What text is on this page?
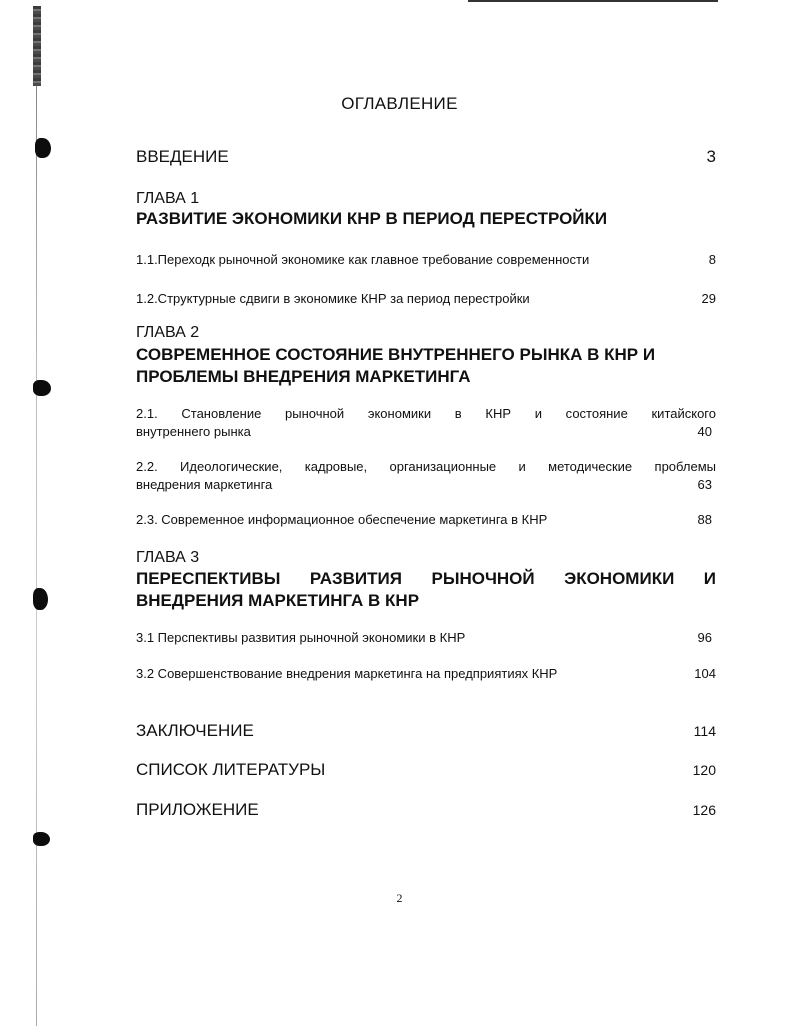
ОГЛАВЛЕНИЕ
ВВЕДЕНИЕ	3
ГЛАВА 1
РАЗВИТИЕ ЭКОНОМИКИ КНР В ПЕРИОД ПЕРЕСТРОЙКИ
1.1.Переходк рыночной экономике как главное требование современности	8
1.2.Структурные сдвиги в экономике КНР за период перестройки	29
ГЛАВА 2
СОВРЕМЕННОЕ СОСТОЯНИЕ ВНУТРЕННЕГО РЫНКА В КНР И
ПРОБЛЕМЫ ВНЕДРЕНИЯ МАРКЕТИНГА
2.1. Становление рыночной экономики в КНР и состояние китайского
внутреннего рынка	40
2.2. Идеологические, кадровые, организационные и методические проблемы
внедрения маркетинга	63
2.3. Современное информационное обеспечение маркетинга в КНР	88
ГЛАВА 3
ПЕРЕСПЕКТИВЫ РАЗВИТИЯ РЫНОЧНОЙ ЭКОНОМИКИ И
ВНЕДРЕНИЯ МАРКЕТИНГА В КНР
3.1 Перспективы развития рыночной экономики в КНР	96
3.2 Совершенствование внедрения маркетинга на предприятиях КНР	104
ЗАКЛЮЧЕНИЕ	114
СПИСОК ЛИТЕРАТУРЫ	120
ПРИЛОЖЕНИЕ	126
2
